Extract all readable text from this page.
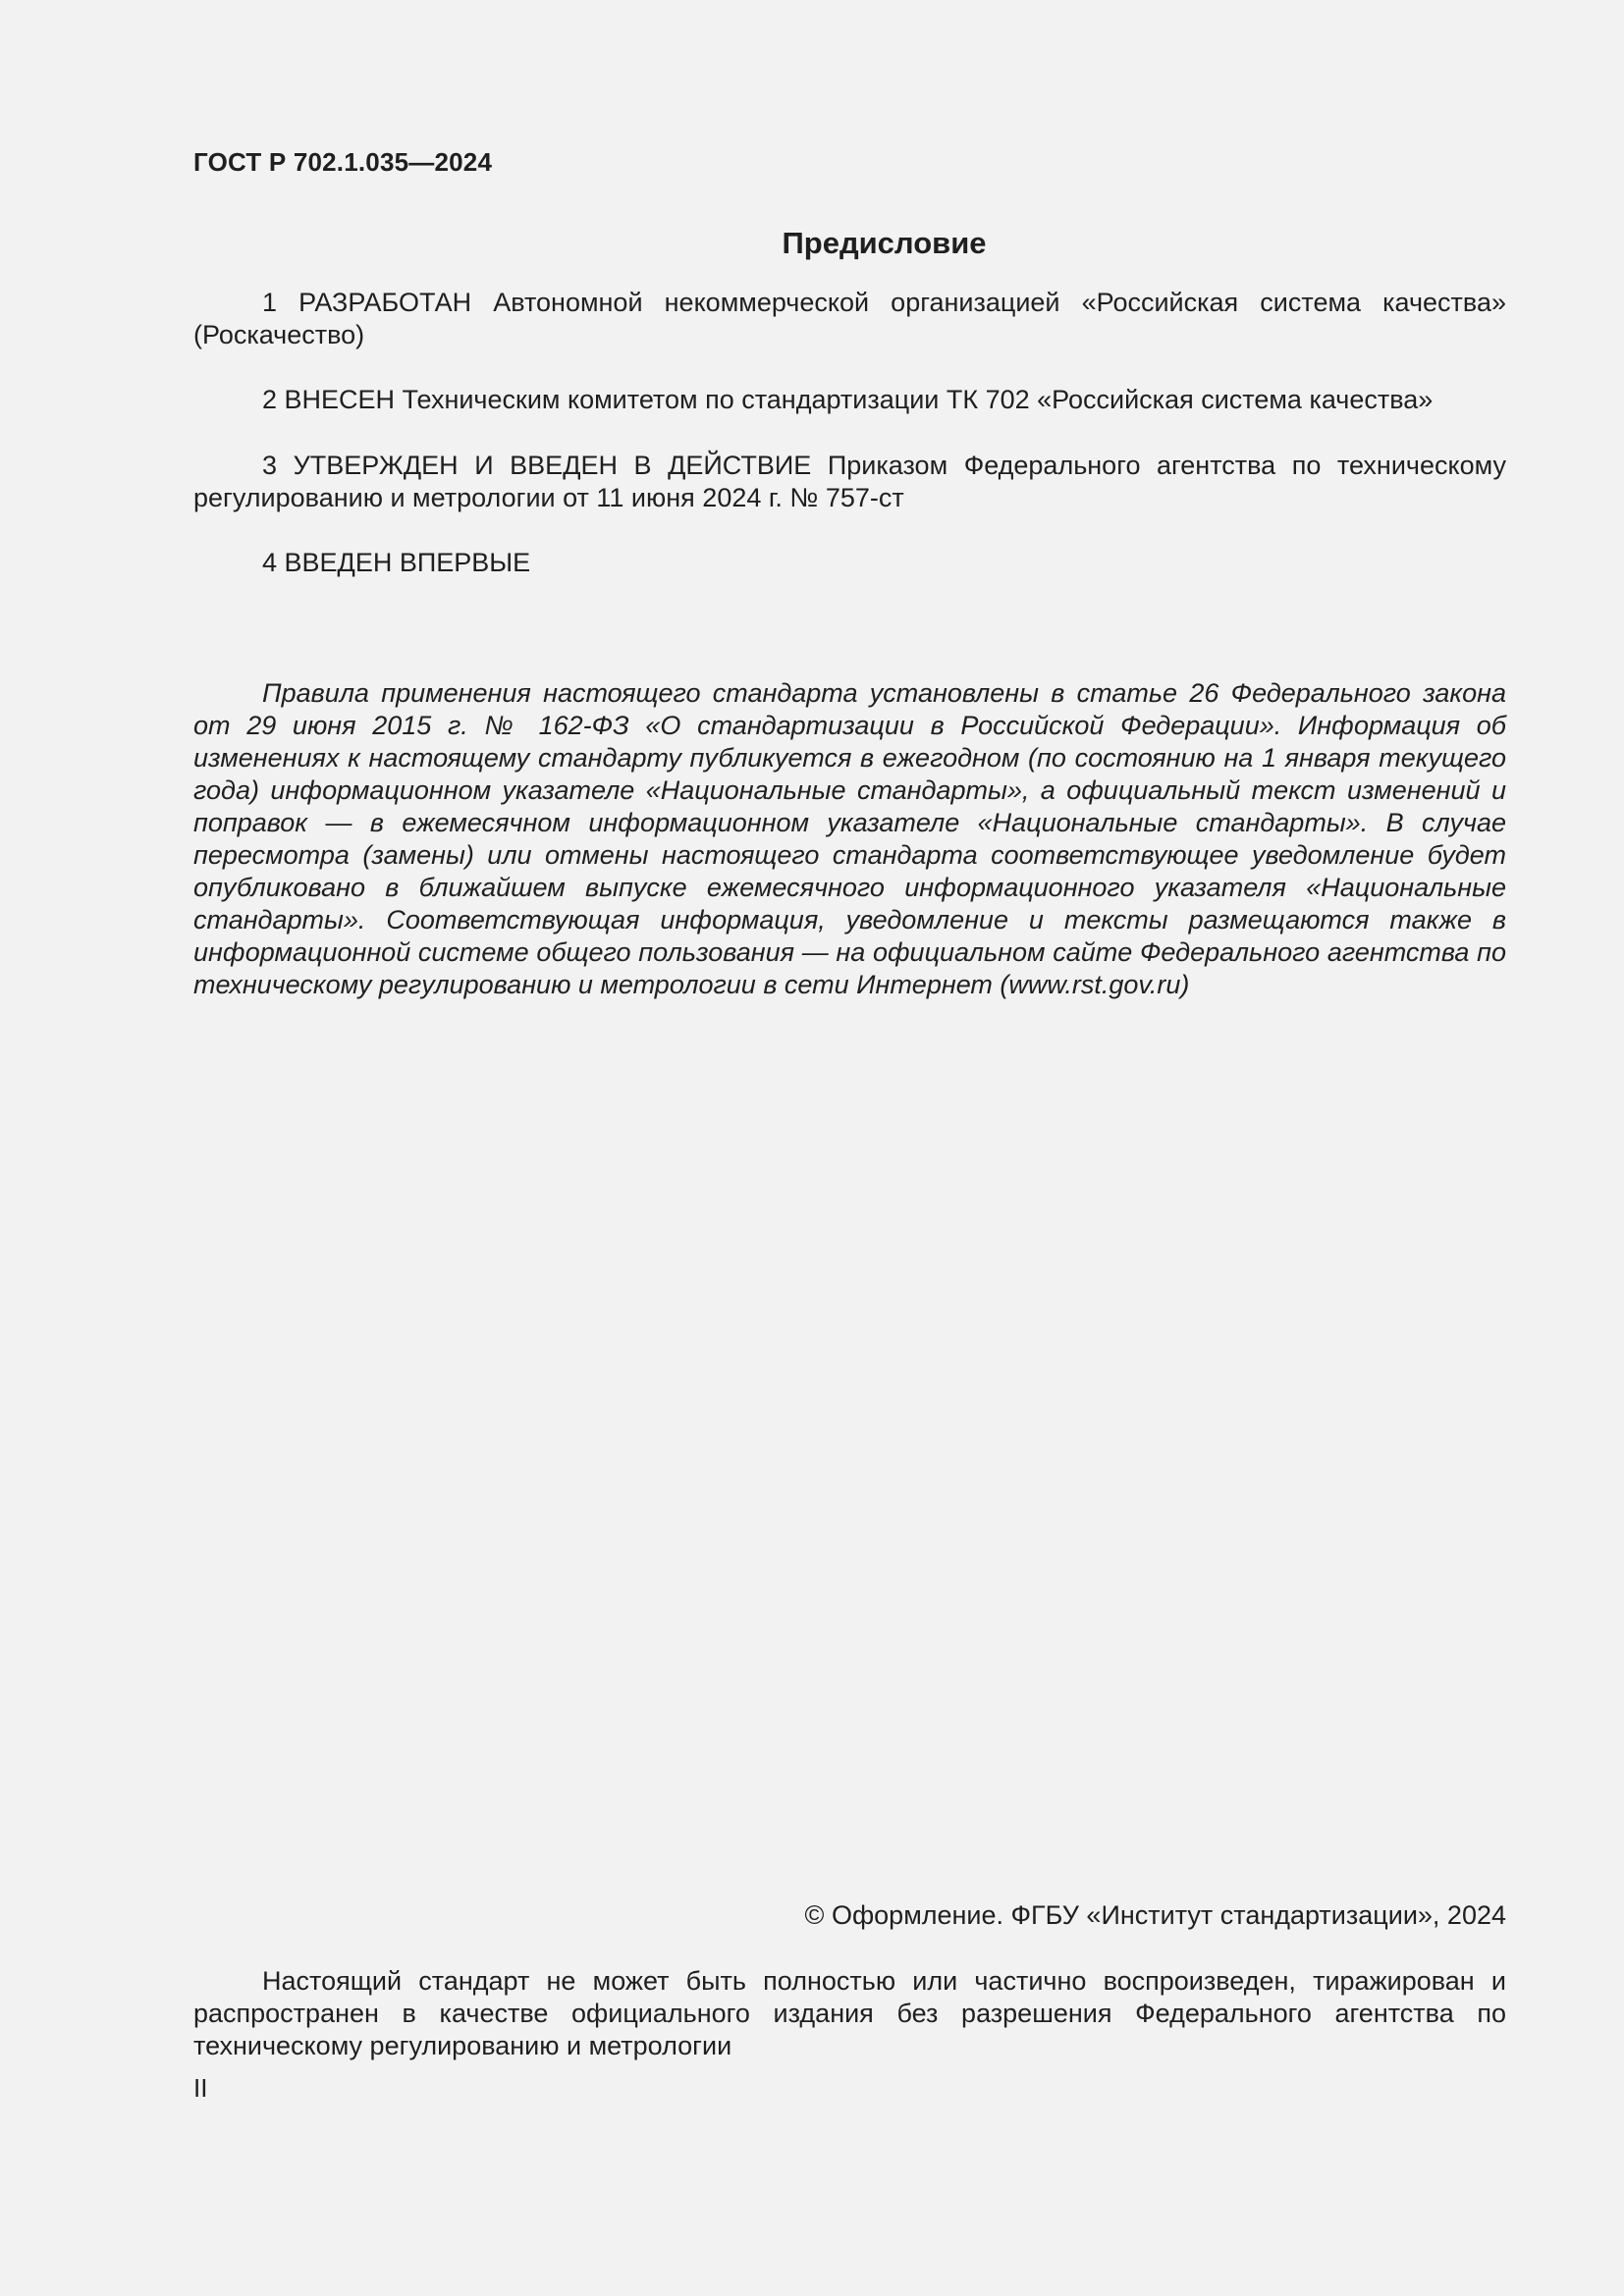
ГОСТ Р 702.1.035—2024
Предисловие

1 РАЗРАБОТАН Автономной некоммерческой организацией «Российская система качества» (Роскачество)

2 ВНЕСЕН Техническим комитетом по стандартизации ТК 702 «Российская система качества»

3 УТВЕРЖДЕН И ВВЕДЕН В ДЕЙСТВИЕ Приказом Федерального агентства по техническому регулированию и метрологии от 11 июня 2024 г. № 757-ст

4 ВВЕДЕН ВПЕРВЫЕ

Правила применения настоящего стандарта установлены в статье 26 Федерального закона от 29 июня 2015 г. № 162-ФЗ «О стандартизации в Российской Федерации». Информация об изменениях к настоящему стандарту публикуется в ежегодном (по состоянию на 1 января текущего года) информационном указателе «Национальные стандарты», а официальный текст изменений и поправок — в ежемесячном информационном указателе «Национальные стандарты». В случае пересмотра (замены) или отмены настоящего стандарта соответствующее уведомление будет опубликовано в ближайшем выпуске ежемесячного информационного указателя «Национальные стандарты». Соответствующая информация, уведомление и тексты размещаются также в информационной системе общего пользования — на официальном сайте Федерального агентства по техническому регулированию и метрологии в сети Интернет (www.rst.gov.ru)

© Оформление. ФГБУ «Институт стандартизации», 2024

Настоящий стандарт не может быть полностью или частично воспроизведен, тиражирован и распространен в качестве официального издания без разрешения Федерального агентства по техническому регулированию и метрологии

II
